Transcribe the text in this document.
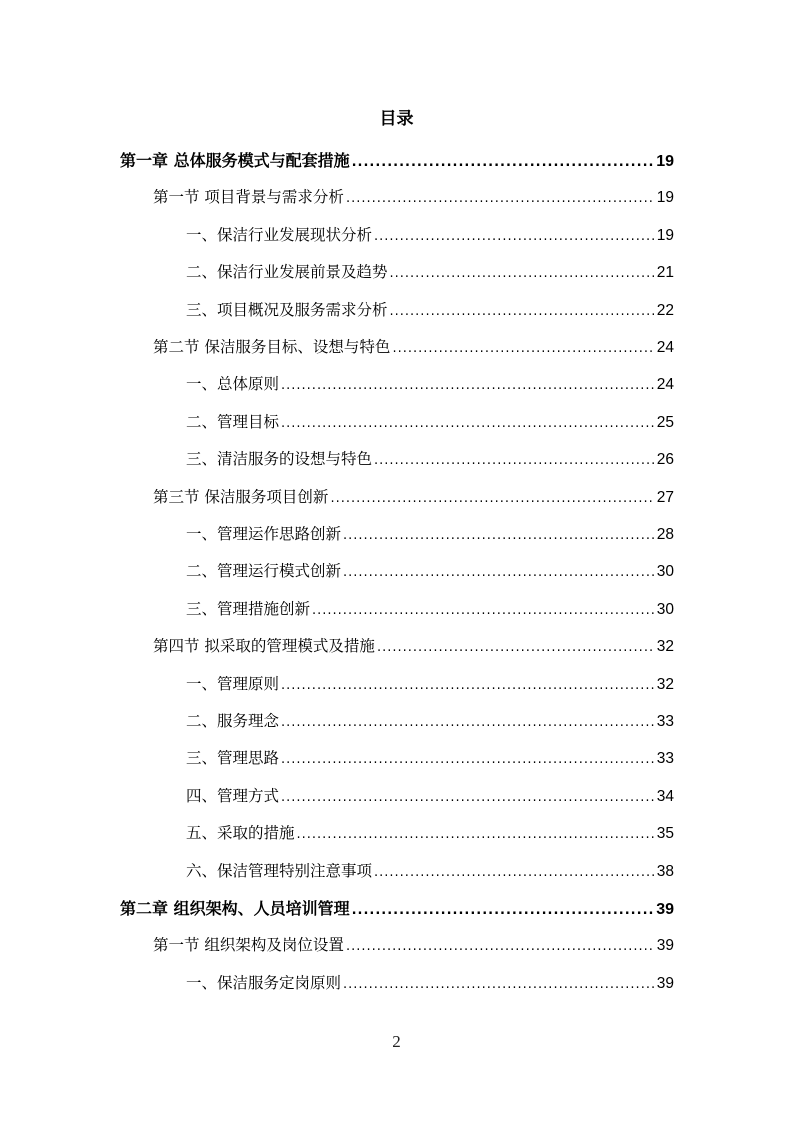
目录
第一章 总体服务模式与配套措施 .....	19
第一节 项目背景与需求分析 .....	19
一、保洁行业发展现状分析 .....	19
二、保洁行业发展前景及趋势 .....	21
三、项目概况及服务需求分析 .....	22
第二节 保洁服务目标、设想与特色 .....	24
一、总体原则 .....	24
二、管理目标 .....	25
三、清洁服务的设想与特色 .....	26
第三节 保洁服务项目创新 .....	27
一、管理运作思路创新 .....	28
二、管理运行模式创新 .....	30
三、管理措施创新 .....	30
第四节 拟采取的管理模式及措施 .....	32
一、管理原则 .....	32
二、服务理念 .....	33
三、管理思路 .....	33
四、管理方式 .....	34
五、采取的措施 .....	35
六、保洁管理特别注意事项 .....	38
第二章 组织架构、人员培训管理 .....	39
第一节 组织架构及岗位设置 .....	39
一、保洁服务定岗原则 .....	39
2
